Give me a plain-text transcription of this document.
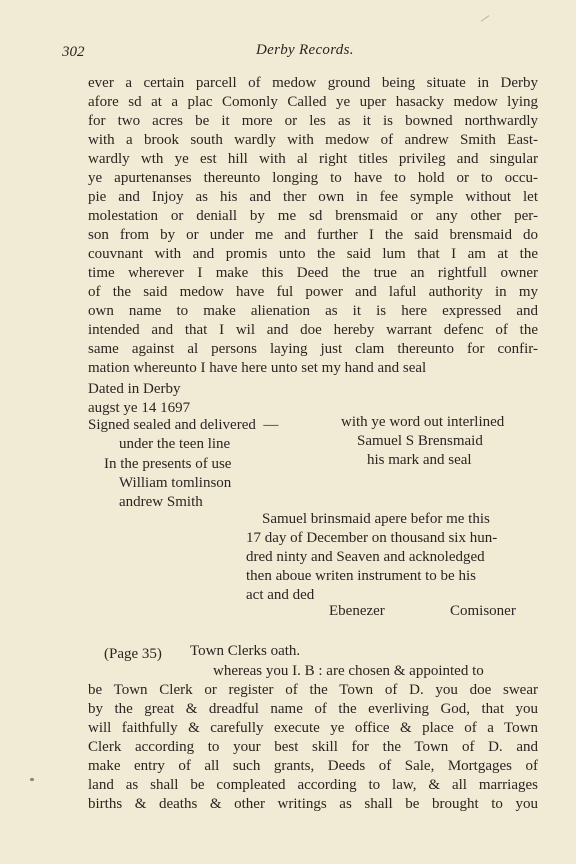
302	Derby Records.
ever a certain parcell of medow ground being situate in Derby
afore sd at a plac Comonly Called ye uper hasacky medow lying
for two acres be it more or les as it is bowned northwardly
with a brook south wardly with medow of andrew Smith East-
wardly wth ye est hill with al right titles privileg and singular
ye apurtenanses thereunto longing to have to hold or to occu-
pie and Injoy as his and ther own in fee symple without let
molestation or deniall by me sd brensmaid or any other per-
son from by or under me and further I the said brensmaid do
couvnant with and promis unto the said lum that I am at the
time wherever I make this Deed the true an rightfull owner
of the said medow have ful power and laful authority in my
own name to make alienation as it is here expressed and
intended and that I wil and doe hereby warrant defenc of the
same against al persons laying just clam thereunto for confir-
mation whereunto I have here unto set my hand and seal
Dated in Derby
augst ye 14 1697
Signed sealed and delivered  —
under the teen line
In the presents of use
William tomlinson
andrew Smith
with ye word out interlined
Samuel S Brensmaid
his mark and seal
Samuel brinsmaid apere befor me this
17 day of December on thousand six hun-
dred ninty and Seaven and acknoledged
then aboue writen instrument to be his
act and ded
Ebenezer	Comisoner
(Page 35) Town Clerks oath.
whereas you I. B : are chosen & appointed to
be Town Clerk or register of the Town of D. you doe swear
by the great & dreadful name of the everliving God, that you
will faithfully & carefully execute ye office & place of a Town
Clerk according to your best skill for the Town of D. and
make entry of all such grants, Deeds of Sale, Mortgages of
land as shall be compleated according to law, & all marriages
births & deaths & other writings as shall be brought to you
